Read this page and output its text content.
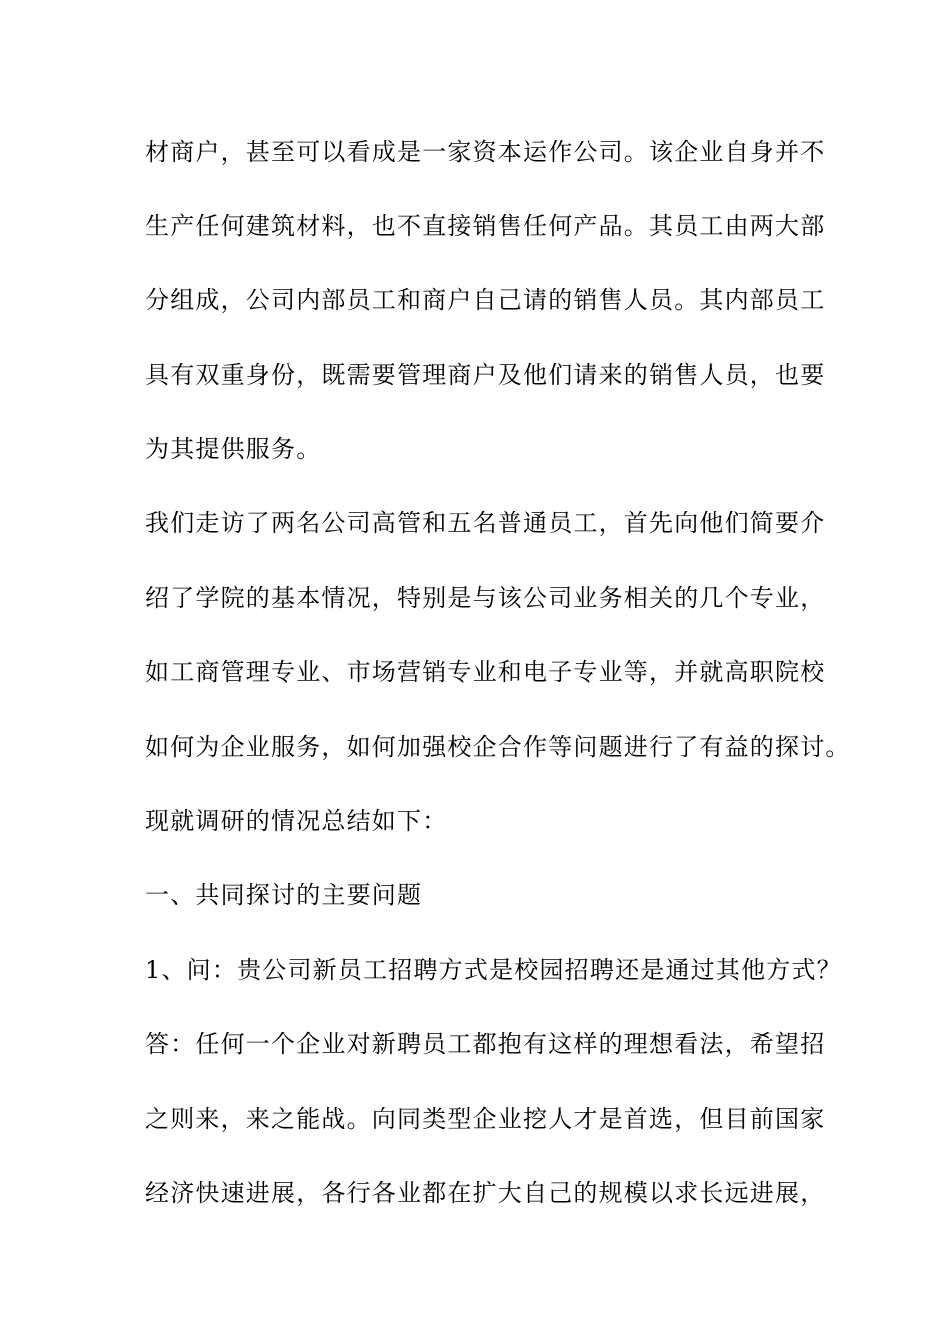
材商户，甚至可以看成是一家资本运作公司。该企业自身并不
生产任何建筑材料，也不直接销售任何产品。其员工由两大部
分组成，公司内部员工和商户自己请的销售人员。其内部员工
具有双重身份，既需要管理商户及他们请来的销售人员，也要
为其提供服务。
我们走访了两名公司高管和五名普通员工，首先向他们简要介
绍了学院的基本情况，特别是与该公司业务相关的几个专业，
如工商管理专业、市场营销专业和电子专业等，并就高职院校
如何为企业服务，如何加强校企合作等问题进行了有益的探讨。
现就调研的情况总结如下：
一、共同探讨的主要问题
1、问：贵公司新员工招聘方式是校园招聘还是通过其他方式？
答：任何一个企业对新聘员工都抱有这样的理想看法，希望招
之则来，来之能战。向同类型企业挖人才是首选，但目前国家
经济快速进展，各行各业都在扩大自己的规模以求长远进展，
